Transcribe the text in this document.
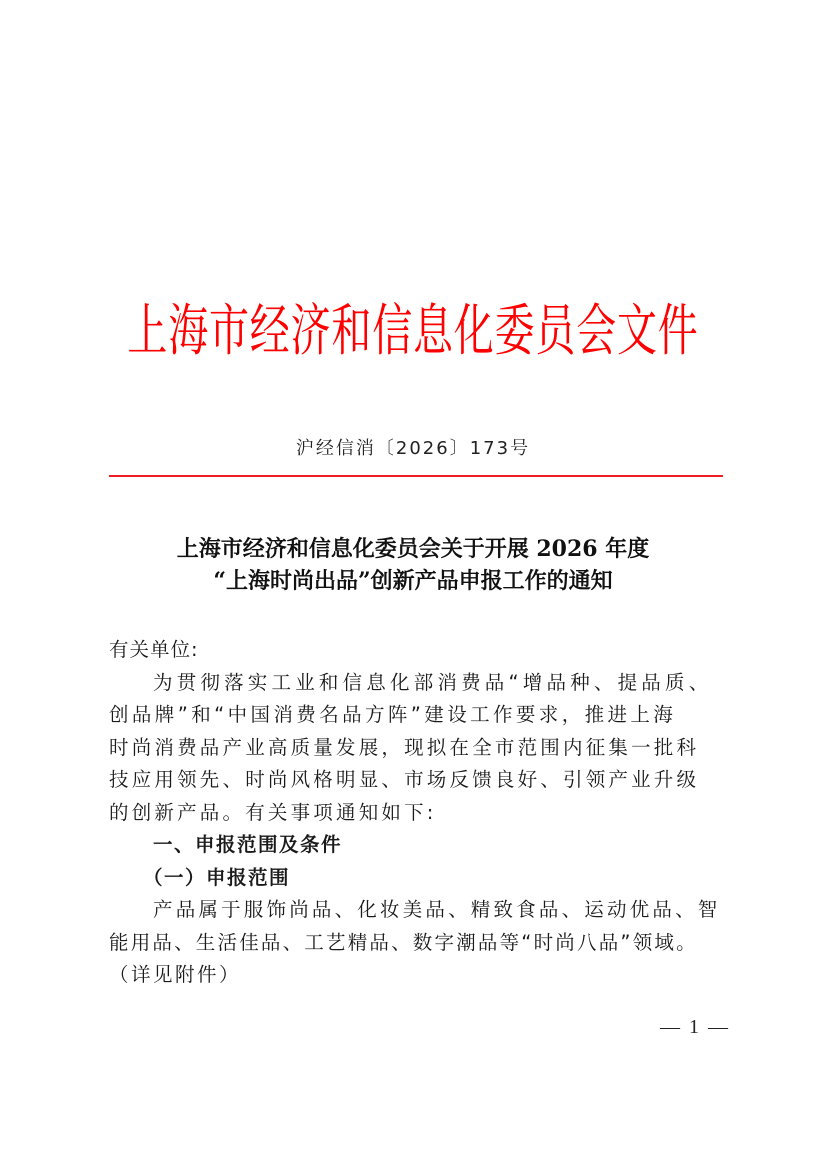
上海市经济和信息化委员会文件
沪经信消〔2026〕173号
上海市经济和信息化委员会关于开展 2026 年度
“上海时尚出品”创新产品申报工作的通知
有关单位:
为贯彻落实工业和信息化部消费品“增品种、提品质、
创品牌”和“中国消费名品方阵”建设工作要求，推进上海
时尚消费品产业高质量发展，现拟在全市范围内征集一批科
技应用领先、时尚风格明显、市场反馈良好、引领产业升级
的创新产品。有关事项通知如下:
一、申报范围及条件
（一）申报范围
产品属于服饰尚品、化妆美品、精致食品、运动优品、智
能用品、生活佳品、工艺精品、数字潮品等“时尚八品”领域。
（详见附件）
— 1 —
